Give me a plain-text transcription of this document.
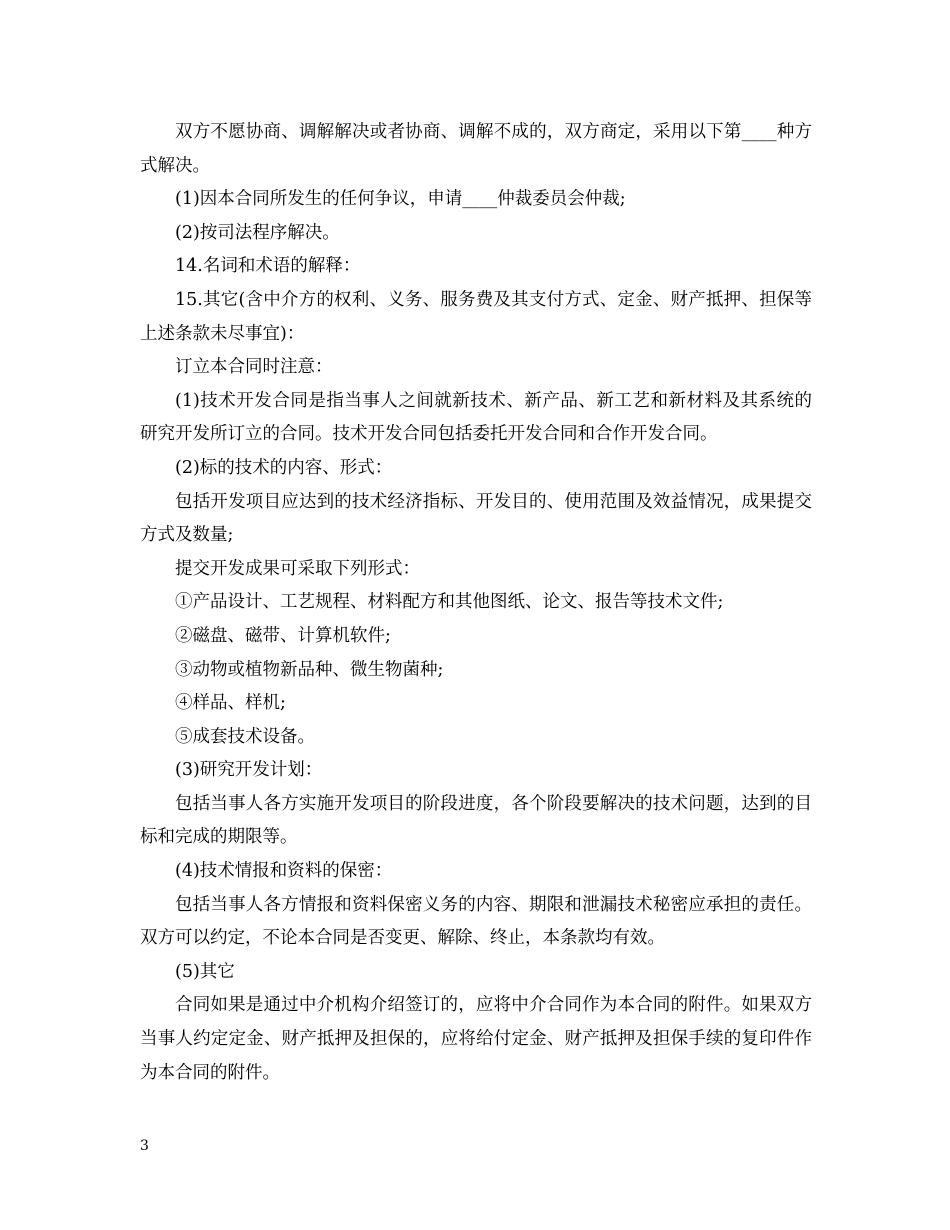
双方不愿协商、调解解决或者协商、调解不成的，双方商定，采用以下第____种方式解决。

(1)因本合同所发生的任何争议，申请____仲裁委员会仲裁;

(2)按司法程序解决。

14.名词和术语的解释：

15.其它(含中介方的权利、义务、服务费及其支付方式、定金、财产抵押、担保等上述条款未尽事宜)：

订立本合同时注意：

(1)技术开发合同是指当事人之间就新技术、新产品、新工艺和新材料及其系统的研究开发所订立的合同。技术开发合同包括委托开发合同和合作开发合同。

(2)标的技术的内容、形式：

包括开发项目应达到的技术经济指标、开发目的、使用范围及效益情况，成果提交方式及数量;

提交开发成果可采取下列形式：

①产品设计、工艺规程、材料配方和其他图纸、论文、报告等技术文件;

②磁盘、磁带、计算机软件;

③动物或植物新品种、微生物菌种;

④样品、样机;

⑤成套技术设备。

(3)研究开发计划：

包括当事人各方实施开发项目的阶段进度，各个阶段要解决的技术问题，达到的目标和完成的期限等。

(4)技术情报和资料的保密：

包括当事人各方情报和资料保密义务的内容、期限和泄漏技术秘密应承担的责任。双方可以约定，不论本合同是否变更、解除、终止，本条款均有效。

(5)其它

合同如果是通过中介机构介绍签订的，应将中介合同作为本合同的附件。如果双方当事人约定定金、财产抵押及担保的，应将给付定金、财产抵押及担保手续的复印件作为本合同的附件。

3
